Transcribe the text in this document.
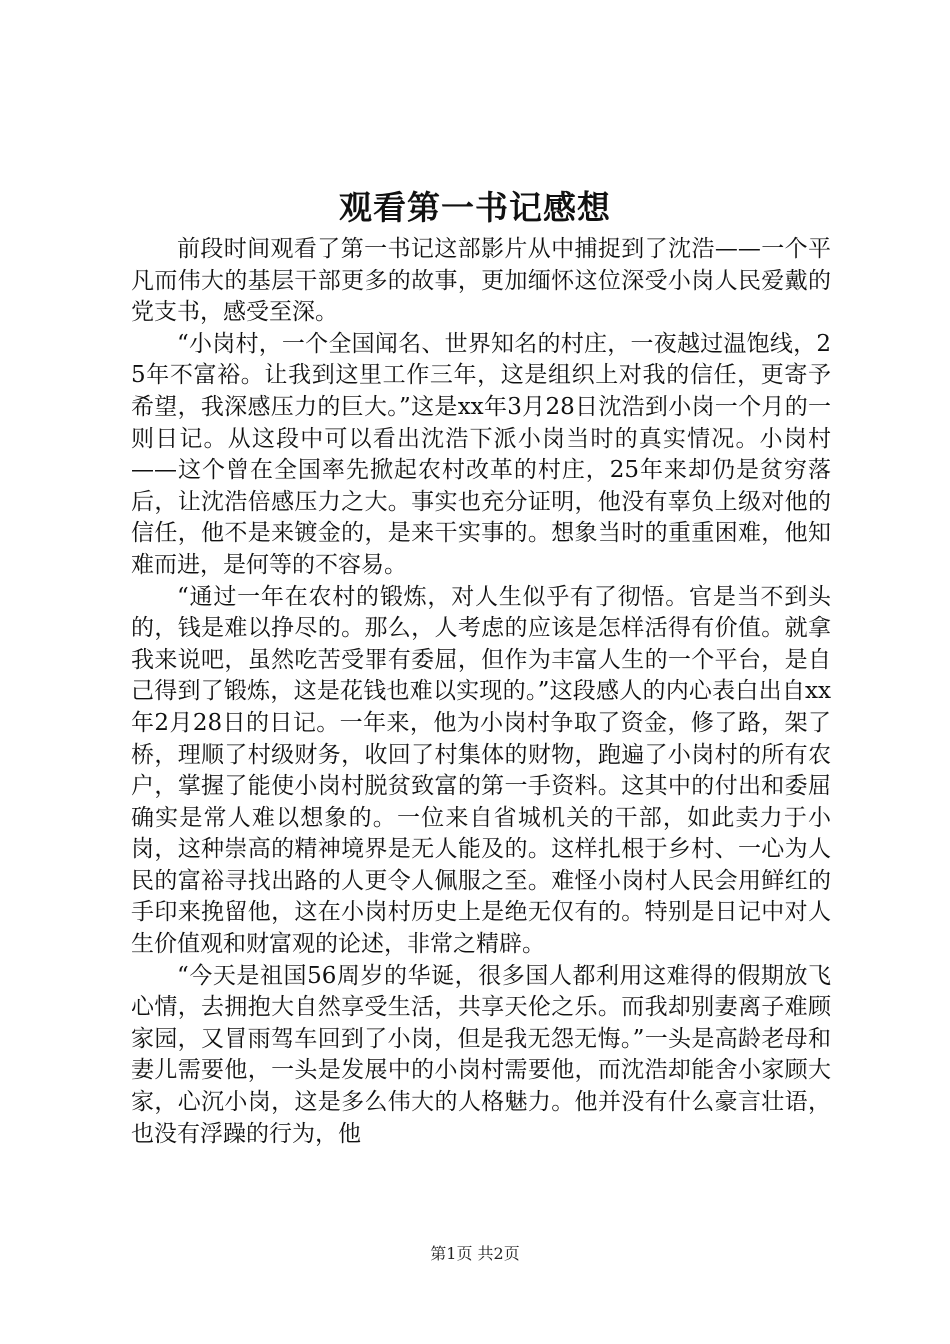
观看第一书记感想

前段时间观看了第一书记这部影片从中捕捉到了沈浩——一个平凡而伟大的基层干部更多的故事，更加缅怀这位深受小岗人民爱戴的党支书，感受至深。

“小岗村，一个全国闻名、世界知名的村庄，一夜越过温饱线，25年不富裕。让我到这里工作三年，这是组织上对我的信任，更寄予希望，我深感压力的巨大。”这是xx年3月28日沈浩到小岗一个月的一则日记。从这段中可以看出沈浩下派小岗当时的真实情况。小岗村——这个曾在全国率先掀起农村改革的村庄，25年来却仍是贫穷落后，让沈浩倍感压力之大。事实也充分证明，他没有辜负上级对他的信任，他不是来镀金的，是来干实事的。想象当时的重重困难，他知难而进，是何等的不容易。

“通过一年在农村的锻炼，对人生似乎有了彻悟。官是当不到头的，钱是难以挣尽的。那么，人考虑的应该是怎样活得有价值。就拿我来说吧，虽然吃苦受罪有委屈，但作为丰富人生的一个平台，是自己得到了锻炼，这是花钱也难以实现的。”这段感人的内心表白出自xx年2月28日的日记。一年来，他为小岗村争取了资金，修了路，架了桥，理顺了村级财务，收回了村集体的财物，跑遍了小岗村的所有农户，掌握了能使小岗村脱贫致富的第一手资料。这其中的付出和委屈确实是常人难以想象的。一位来自省城机关的干部，如此卖力于小岗，这种崇高的精神境界是无人能及的。这样扎根于乡村、一心为人民的富裕寻找出路的人更令人佩服之至。难怪小岗村人民会用鲜红的手印来挽留他，这在小岗村历史上是绝无仅有的。特别是日记中对人生价值观和财富观的论述，非常之精辟。

“今天是祖国56周岁的华诞，很多国人都利用这难得的假期放飞心情，去拥抱大自然享受生活，共享天伦之乐。而我却别妻离子难顾家园，又冒雨驾车回到了小岗，但是我无怨无悔。”一头是高龄老母和妻儿需要他，一头是发展中的小岗村需要他，而沈浩却能舍小家顾大家，心沉小岗，这是多么伟大的人格魅力。他并没有什么豪言壮语，也没有浮躁的行为，他

第1页 共2页
